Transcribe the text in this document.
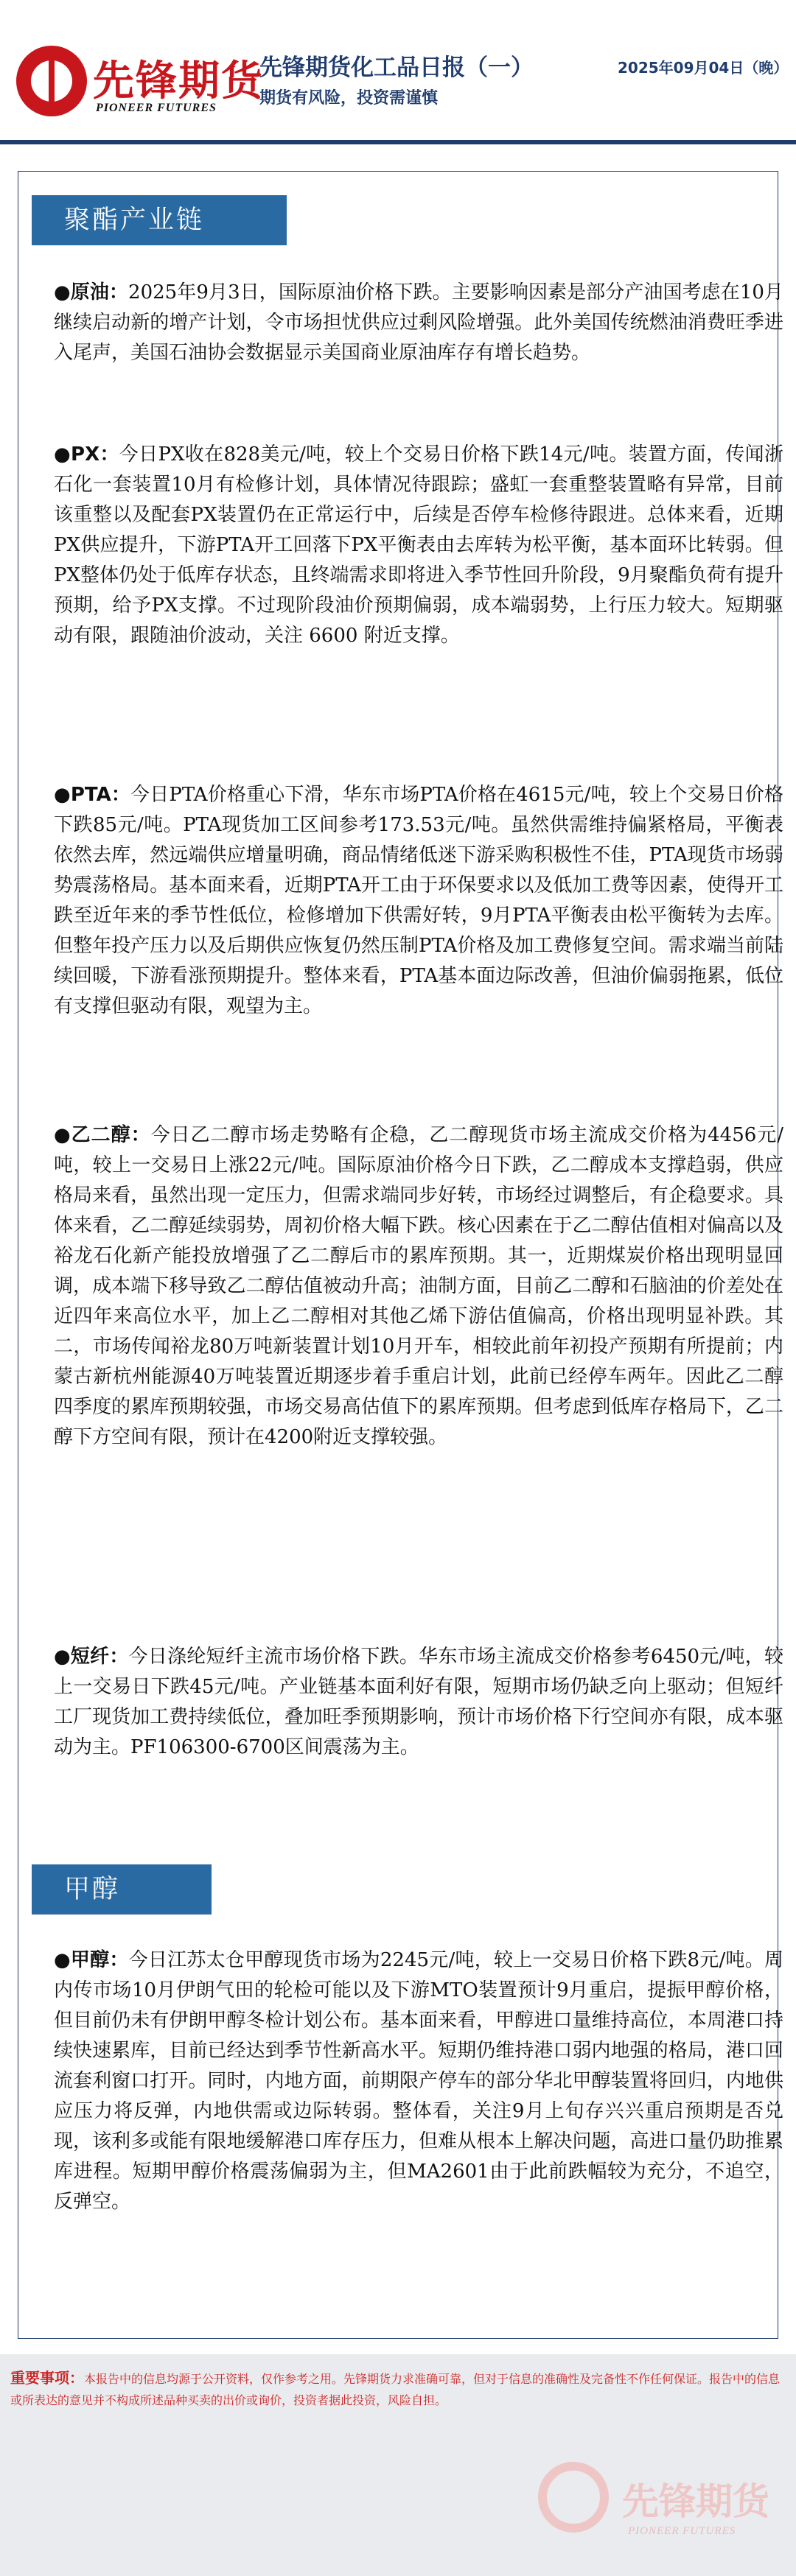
先锋期货
PIONEER FUTURES
先锋期货化工品日报（一）	2025年09月04日（晚）
期货有风险，投资需谨慎
聚酯产业链

●原油：2025年9月3日，国际原油价格下跌。主要影响因素是部分产油国考虑在10月继续启动新的增产计划，令市场担忧供应过剩风险增强。此外美国传统燃油消费旺季进入尾声，美国石油协会数据显示美国商业原油库存有增长趋势。

●PX：今日PX收在828美元/吨，较上个交易日价格下跌14元/吨。装置方面，传闻浙石化一套装置10月有检修计划，具体情况待跟踪；盛虹一套重整装置略有异常，目前该重整以及配套PX装置仍在正常运行中，后续是否停车检修待跟进。总体来看，近期PX供应提升，下游PTA开工回落下PX平衡表由去库转为松平衡，基本面环比转弱。但PX整体仍处于低库存状态，且终端需求即将进入季节性回升阶段，9月聚酯负荷有提升预期，给予PX支撑。不过现阶段油价预期偏弱，成本端弱势，上行压力较大。短期驱动有限，跟随油价波动，关注 6600 附近支撑。

●PTA：今日PTA价格重心下滑，华东市场PTA价格在4615元/吨，较上个交易日价格下跌85元/吨。PTA现货加工区间参考173.53元/吨。虽然供需维持偏紧格局，平衡表依然去库，然远端供应增量明确，商品情绪低迷下游采购积极性不佳，PTA现货市场弱势震荡格局。基本面来看，近期PTA开工由于环保要求以及低加工费等因素，使得开工跌至近年来的季节性低位，检修增加下供需好转，9月PTA平衡表由松平衡转为去库。但整年投产压力以及后期供应恢复仍然压制PTA价格及加工费修复空间。需求端当前陆续回暖，下游看涨预期提升。整体来看，PTA基本面边际改善，但油价偏弱拖累，低位有支撑但驱动有限，观望为主。

●乙二醇：今日乙二醇市场走势略有企稳，乙二醇现货市场主流成交价格为4456元/吨，较上一交易日上涨22元/吨。国际原油价格今日下跌，乙二醇成本支撑趋弱，供应格局来看，虽然出现一定压力，但需求端同步好转，市场经过调整后，有企稳要求。具体来看，乙二醇延续弱势，周初价格大幅下跌。核心因素在于乙二醇估值相对偏高以及裕龙石化新产能投放增强了乙二醇后市的累库预期。其一，近期煤炭价格出现明显回调，成本端下移导致乙二醇估值被动升高；油制方面，目前乙二醇和石脑油的价差处在近四年来高位水平，加上乙二醇相对其他乙烯下游估值偏高，价格出现明显补跌。其二，市场传闻裕龙80万吨新装置计划10月开车，相较此前年初投产预期有所提前；内蒙古新杭州能源40万吨装置近期逐步着手重启计划，此前已经停车两年。因此乙二醇四季度的累库预期较强，市场交易高估值下的累库预期。但考虑到低库存格局下，乙二醇下方空间有限，预计在4200附近支撑较强。

●短纤：今日涤纶短纤主流市场价格下跌。华东市场主流成交价格参考6450元/吨，较上一交易日下跌45元/吨。产业链基本面利好有限，短期市场仍缺乏向上驱动；但短纤工厂现货加工费持续低位，叠加旺季预期影响，预计市场价格下行空间亦有限，成本驱动为主。PF106300-6700区间震荡为主。

甲醇

●甲醇：今日江苏太仓甲醇现货市场为2245元/吨，较上一交易日价格下跌8元/吨。周内传市场10月伊朗气田的轮检可能以及下游MTO装置预计9月重启，提振甲醇价格，但目前仍未有伊朗甲醇冬检计划公布。基本面来看，甲醇进口量维持高位，本周港口持续快速累库，目前已经达到季节性新高水平。短期仍维持港口弱内地强的格局，港口回流套利窗口打开。同时，内地方面，前期限产停车的部分华北甲醇装置将回归，内地供应压力将反弹，内地供需或边际转弱。整体看，关注9月上旬存兴兴重启预期是否兑现，该利多或能有限地缓解港口库存压力，但难从根本上解决问题，高进口量仍助推累库进程。短期甲醇价格震荡偏弱为主，但MA2601由于此前跌幅较为充分，不追空，反弹空。

重要事项：本报告中的信息均源于公开资料，仅作参考之用。先锋期货力求准确可靠，但对于信息的准确性及完备性不作任何保证。报告中的信息或所表达的意见并不构成所述品种买卖的出价或询价，投资者据此投资，风险自担。
先锋期货
PIONEER FUTURES
